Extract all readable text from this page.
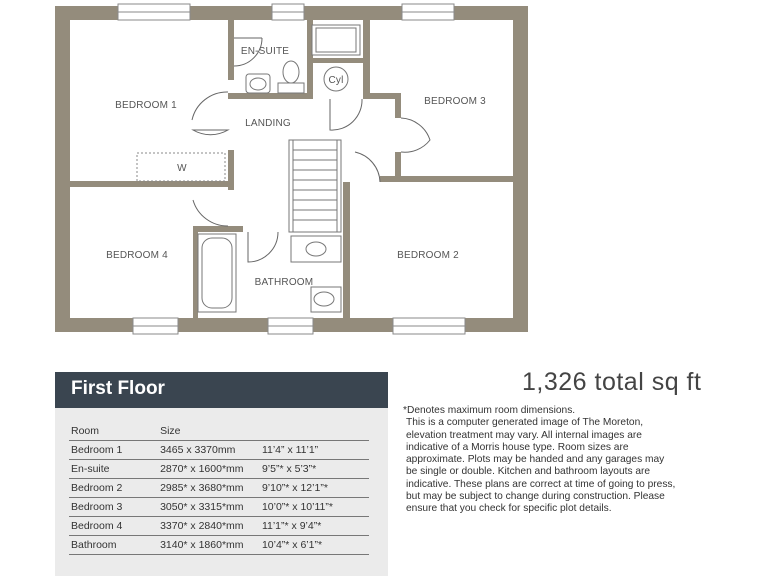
BEDROOM 1
EN-SUITE
Cyl
BEDROOM 3
LANDING
W
BEDROOM 4
BATHROOM
BEDROOM 2
First Floor
Room	Size	
Bedroom 1	3465 x 3370mm	11’4” x 11’1”
En-suite	2870* x 1600*mm	9’5”* x 5’3”*
Bedroom 2	2985* x 3680*mm	9’10”* x 12’1”*
Bedroom 3	3050* x 3315*mm	10’0”* x 10’11”*
Bedroom 4	3370* x 2840*mm	11’1”* x 9’4”*
Bathroom	3140* x 1860*mm	10’4”* x 6’1”*
1,326 total sq ft
*Denotes maximum room dimensions.
This is a computer generated image of The Moreton,
elevation treatment may vary. All internal images are
indicative of a Morris house type. Room sizes are
approximate. Plots may be handed and any garages may
be single or double. Kitchen and bathroom layouts are
indicative. These plans are correct at time of going to press,
but may be subject to change during construction. Please
ensure that you check for specific plot details.
